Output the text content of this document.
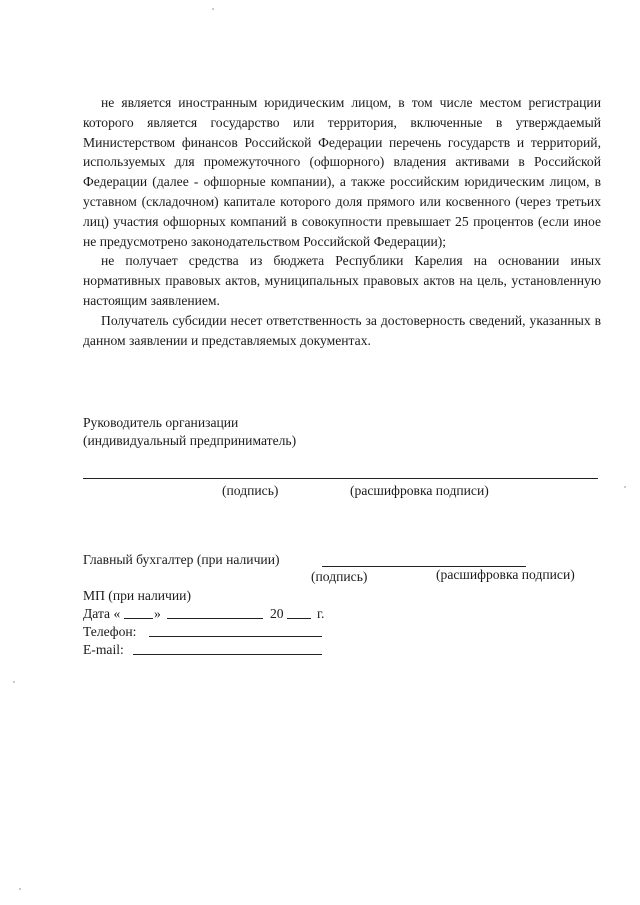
не является иностранным юридическим лицом, в том числе местом регистрации которого является государство или территория, включенные в утверждаемый Министерством финансов Российской Федерации перечень государств и территорий, используемых для промежуточного (офшорного) владения активами в Российской Федерации (далее - офшорные компании), а также российским юридическим лицом, в уставном (складочном) капитале которого доля прямого или косвенного (через третьих лиц) участия офшорных компаний в совокупности превышает 25 процентов (если иное не предусмотрено законодательством Российской Федерации);

не получает средства из бюджета Республики Карелия на основании иных нормативных правовых актов, муниципальных правовых актов на цель, установленную настоящим заявлением.

Получатель субсидии несет ответственность за достоверность сведений, указанных в данном заявлении и представляемых документах.

Руководитель организации
(индивидуальный предприниматель)
(подпись)	(расшифровка подписи)
Главный бухгалтер (при наличии)
(подпись)	(расшифровка подписи)
МП (при наличии)
Дата « »	20 г.
Телефон:
E-mail:
